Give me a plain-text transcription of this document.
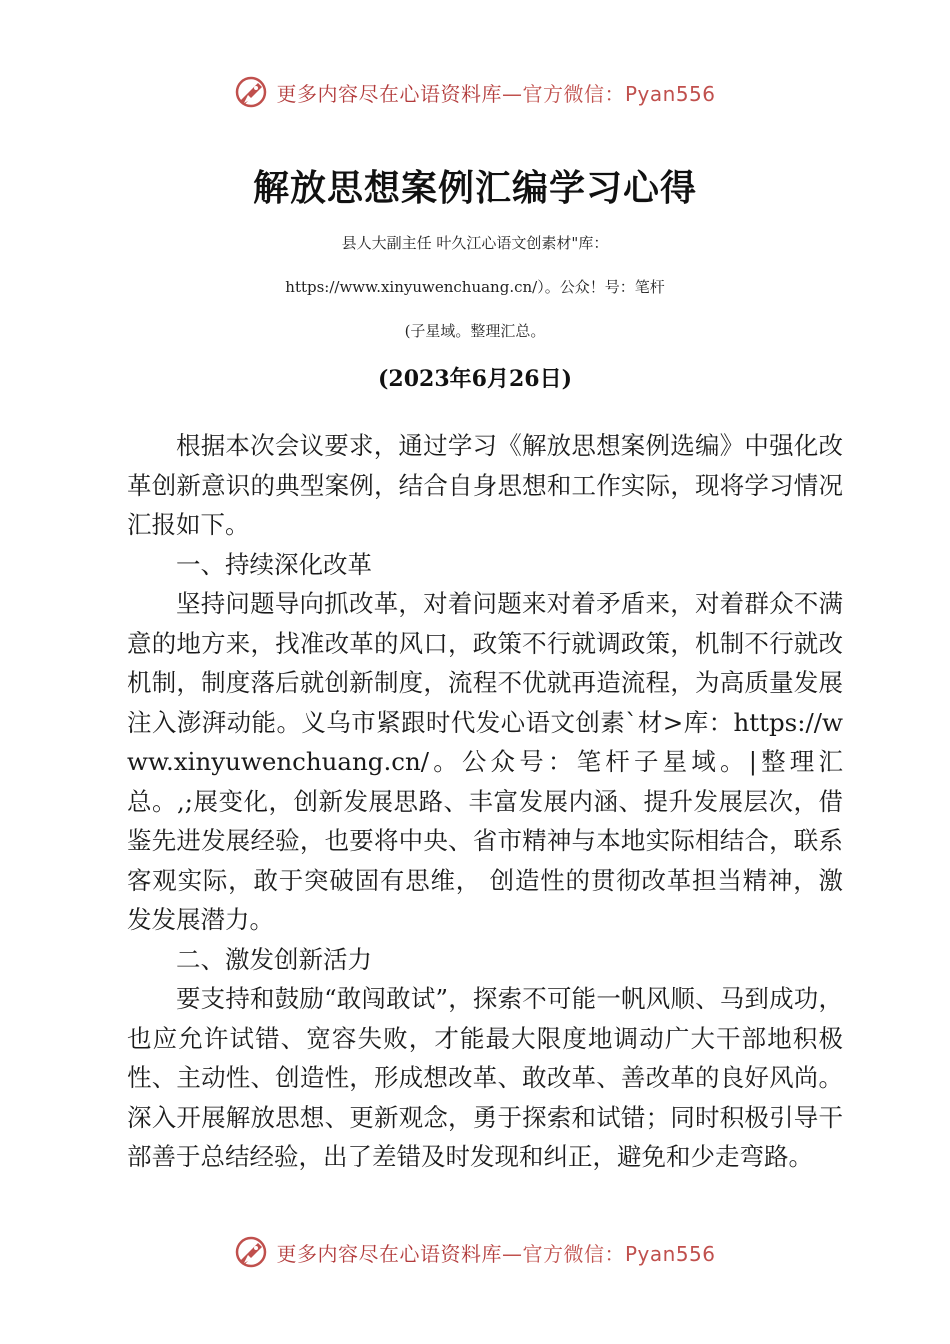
更多内容尽在心语资料库—官方微信：Pyan556
解放思想案例汇编学习心得
县人大副主任 叶久江心语文创素材"库：
https://www.xinyuwenchuang.cn/）。公众！号：笔杆
(子星域。整理汇总。
(2023年6月26日)

根据本次会议要求，通过学习《解放思想案例选编》中强化改革创新意识的典型案例，结合自身思想和工作实际，现将学习情况汇报如下。

一、持续深化改革

坚持问题导向抓改革，对着问题来对着矛盾来，对着群众不满意的地方来，找准改革的风口，政策不行就调政策，机制不行就改机制，制度落后就创新制度，流程不优就再造流程，为高质量发展注入澎湃动能。义乌市紧跟时代发心语文创素`材>库：https://www.xinyuwenchuang.cn/。公众号：笔杆子星域。|整理汇总。,;展变化，创新发展思路、丰富发展内涵、提升发展层次，借鉴先进发展经验，也要将中央、省市精神与本地实际相结合，联系客观实际，敢于突破固有思维， 创造性的贯彻改革担当精神，激发发展潜力。

二、激发创新活力

要支持和鼓励“敢闯敢试”，探索不可能一帆风顺、马到成功，也应允许试错、宽容失败，才能最大限度地调动广大干部地积极性、主动性、创造性，形成想改革、敢改革、善改革的良好风尚。深入开展解放思想、更新观念，勇于探索和试错；同时积极引导干部善于总结经验，出了差错及时发现和纠正，避免和少走弯路。

更多内容尽在心语资料库—官方微信：Pyan556
